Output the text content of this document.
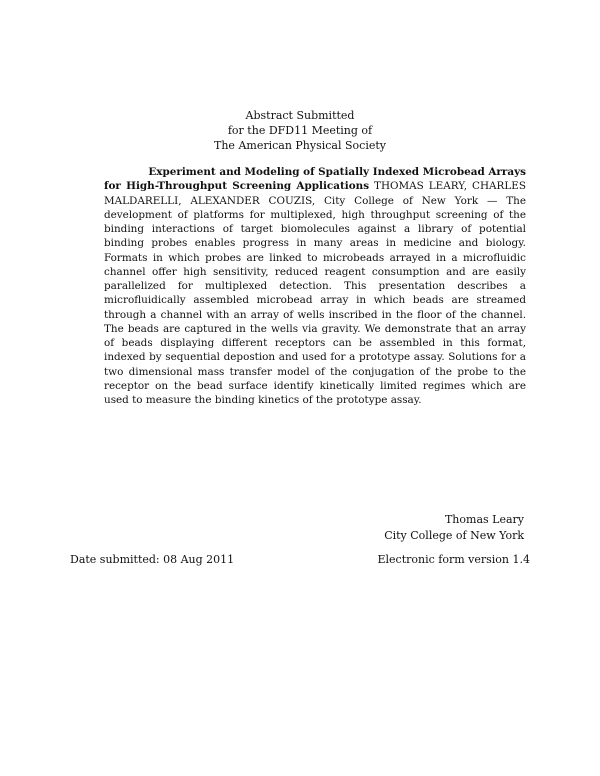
Abstract Submitted
for the DFD11 Meeting of
The American Physical Society
Experiment and Modeling of Spatially Indexed Microbead Arrays
for High-Throughput Screening Applications THOMAS LEARY, CHARLES MALDARELLI, ALEXANDER COUZIS, City College of New York — The development of platforms for multiplexed, high throughput screening of the binding interactions of target biomolecules against a library of potential binding probes enables progress in many areas in medicine and biology. Formats in which probes are linked to microbeads arrayed in a microfluidic channel offer high sensitivity, reduced reagent consumption and are easily parallelized for multiplexed detection. This presentation describes a microfluidically assembled microbead array in which beads are streamed through a channel with an array of wells inscribed in the floor of the channel. The beads are captured in the wells via gravity. We demonstrate that an array of beads displaying different receptors can be assembled in this format, indexed by sequential depostion and used for a prototype assay. Solutions for a two dimensional mass transfer model of the conjugation of the probe to the receptor on the bead surface identify kinetically limited regimes which are used to measure the binding kinetics of the prototype assay.
Thomas Leary
City College of New York
Date submitted: 08 Aug 2011	Electronic form version 1.4
